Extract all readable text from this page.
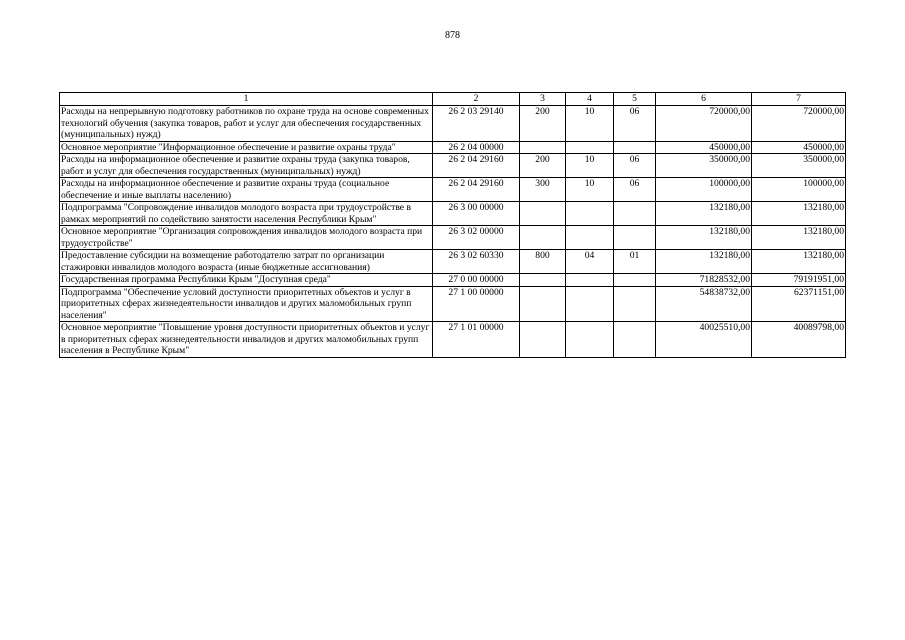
878
1	2	3	4	5	6	7
Расходы на непрерывную подготовку работников по охране труда на основе современных технологий обучения (закупка товаров, работ и услуг для обеспечения государственных (муниципальных) нужд)	26 2 03 29140	200	10	06	720000,00	720000,00
Основное мероприятие "Информационное обеспечение и развитие охраны труда"	26 2 04 00000				450000,00	450000,00
Расходы на информационное обеспечение и развитие охраны труда (закупка товаров, работ и услуг для обеспечения государственных (муниципальных) нужд)	26 2 04 29160	200	10	06	350000,00	350000,00
Расходы на информационное обеспечение и развитие охраны труда (социальное обеспечение и иные выплаты населению)	26 2 04 29160	300	10	06	100000,00	100000,00
Подпрограмма "Сопровождение инвалидов молодого возраста при трудоустройстве в рамках мероприятий по содействию занятости населения Республики Крым"	26 3 00 00000				132180,00	132180,00
Основное мероприятие "Организация сопровождения инвалидов молодого возраста при трудоустройстве"	26 3 02 00000				132180,00	132180,00
Предоставление субсидии на возмещение работодателю затрат по организации стажировки инвалидов молодого возраста (иные бюджетные ассигнования)	26 3 02 60330	800	04	01	132180,00	132180,00
Государственная программа Республики Крым "Доступная среда"	27 0 00 00000				71828532,00	79191951,00
Подпрограмма "Обеспечение условий доступности приоритетных объектов и услуг в приоритетных сферах жизнедеятельности инвалидов и других маломобильных групп населения"	27 1 00 00000				54838732,00	62371151,00
Основное мероприятие "Повышение уровня доступности приоритетных объектов и услуг в приоритетных сферах жизнедеятельности инвалидов и других маломобильных групп населения в Республике Крым"	27 1 01 00000				40025510,00	40089798,00
